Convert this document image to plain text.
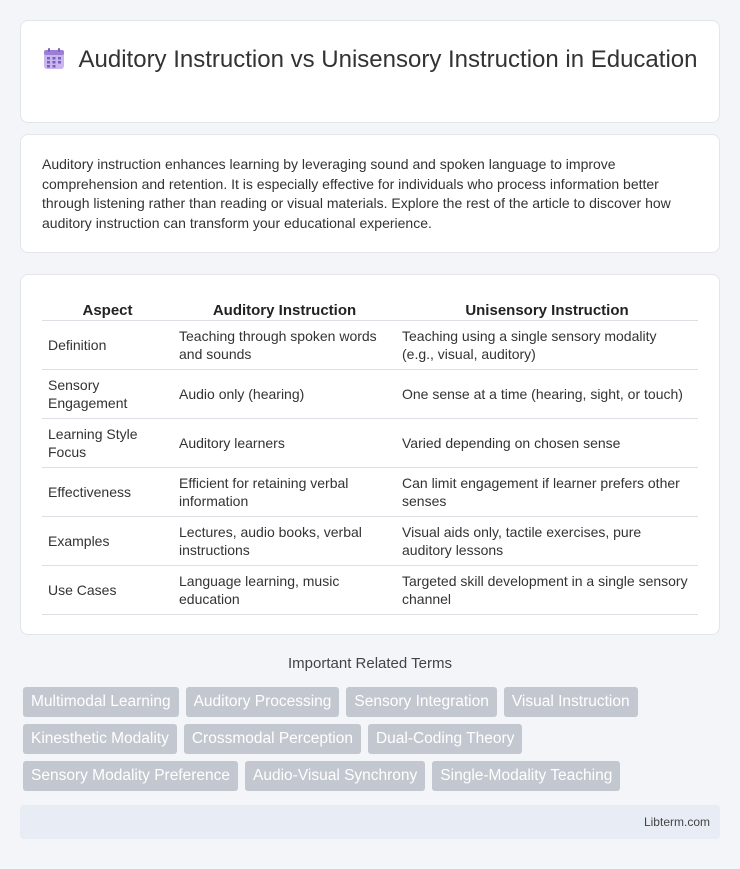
Auditory Instruction vs Unisensory Instruction in Education

Auditory instruction enhances learning by leveraging sound and spoken language to improve comprehension and retention. It is especially effective for individuals who process information better through listening rather than reading or visual materials. Explore the rest of the article to discover how auditory instruction can transform your educational experience.

Aspect	Auditory Instruction	Unisensory Instruction
Definition	Teaching through spoken words and sounds	Teaching using a single sensory modality (e.g., visual, auditory)
Sensory Engagement	Audio only (hearing)	One sense at a time (hearing, sight, or touch)
Learning Style Focus	Auditory learners	Varied depending on chosen sense
Effectiveness	Efficient for retaining verbal information	Can limit engagement if learner prefers other senses
Examples	Lectures, audio books, verbal instructions	Visual aids only, tactile exercises, pure auditory lessons
Use Cases	Language learning, music education	Targeted skill development in a single sensory channel
Important Related Terms
Multimodal Learning	Auditory Processing	Sensory Integration	Visual Instruction
Kinesthetic Modality	Crossmodal Perception	Dual-Coding Theory
Sensory Modality Preference	Audio-Visual Synchrony	Single-Modality Teaching
Libterm.com
